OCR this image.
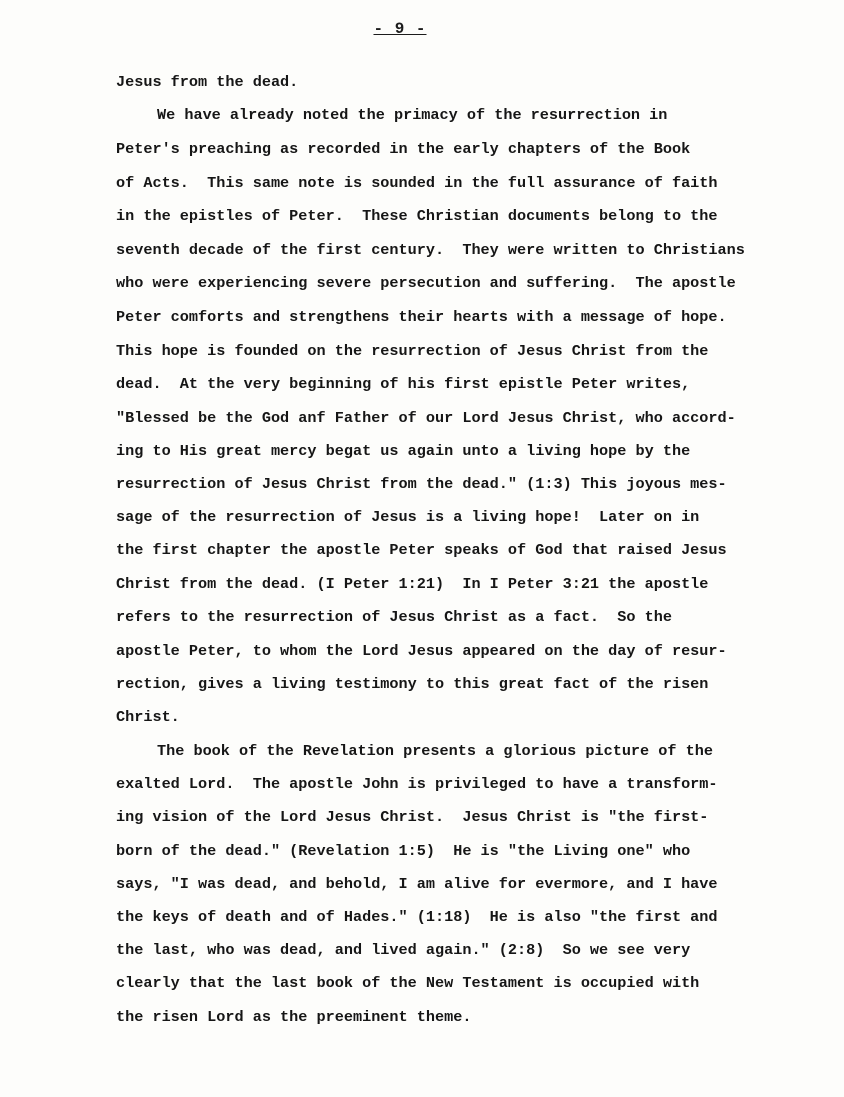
- 9 -
Jesus from the dead.
We have already noted the primacy of the resurrection in
Peter's preaching as recorded in the early chapters of the Book
of Acts.  This same note is sounded in the full assurance of faith
in the epistles of Peter.  These Christian documents belong to the
seventh decade of the first century.  They were written to Christians
who were experiencing severe persecution and suffering.  The apostle
Peter comforts and strengthens their hearts with a message of hope.
This hope is founded on the resurrection of Jesus Christ from the
dead.  At the very beginning of his first epistle Peter writes,
"Blessed be the God anf Father of our Lord Jesus Christ, who accord-
ing to His great mercy begat us again unto a living hope by the
resurrection of Jesus Christ from the dead." (1:3) This joyous mes-
sage of the resurrection of Jesus is a living hope!  Later on in
the first chapter the apostle Peter speaks of God that raised Jesus
Christ from the dead. (I Peter 1:21)  In I Peter 3:21 the apostle
refers to the resurrection of Jesus Christ as a fact.  So the
apostle Peter, to whom the Lord Jesus appeared on the day of resur-
rection, gives a living testimony to this great fact of the risen
Christ.
The book of the Revelation presents a glorious picture of the
exalted Lord.  The apostle John is privileged to have a transform-
ing vision of the Lord Jesus Christ.  Jesus Christ is "the first-
born of the dead." (Revelation 1:5)  He is "the Living one" who
says, "I was dead, and behold, I am alive for evermore, and I have
the keys of death and of Hades." (1:18)  He is also "the first and
the last, who was dead, and lived again." (2:8)  So we see very
clearly that the last book of the New Testament is occupied with
the risen Lord as the preeminent theme.
